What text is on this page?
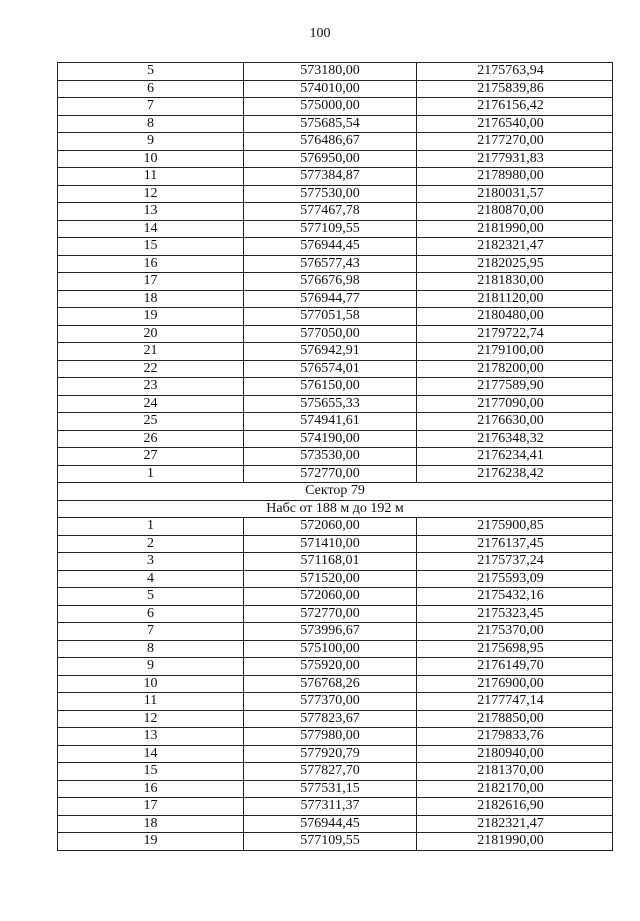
100
5	573180,00	2175763,94
6	574010,00	2175839,86
7	575000,00	2176156,42
8	575685,54	2176540,00
9	576486,67	2177270,00
10	576950,00	2177931,83
11	577384,87	2178980,00
12	577530,00	2180031,57
13	577467,78	2180870,00
14	577109,55	2181990,00
15	576944,45	2182321,47
16	576577,43	2182025,95
17	576676,98	2181830,00
18	576944,77	2181120,00
19	577051,58	2180480,00
20	577050,00	2179722,74
21	576942,91	2179100,00
22	576574,01	2178200,00
23	576150,00	2177589,90
24	575655,33	2177090,00
25	574941,61	2176630,00
26	574190,00	2176348,32
27	573530,00	2176234,41
1	572770,00	2176238,42
Сектор 79		
Набс от 188 м до 192 м		
1	572060,00	2175900,85
2	571410,00	2176137,45
3	571168,01	2175737,24
4	571520,00	2175593,09
5	572060,00	2175432,16
6	572770,00	2175323,45
7	573996,67	2175370,00
8	575100,00	2175698,95
9	575920,00	2176149,70
10	576768,26	2176900,00
11	577370,00	2177747,14
12	577823,67	2178850,00
13	577980,00	2179833,76
14	577920,79	2180940,00
15	577827,70	2181370,00
16	577531,15	2182170,00
17	577311,37	2182616,90
18	576944,45	2182321,47
19	577109,55	2181990,00
